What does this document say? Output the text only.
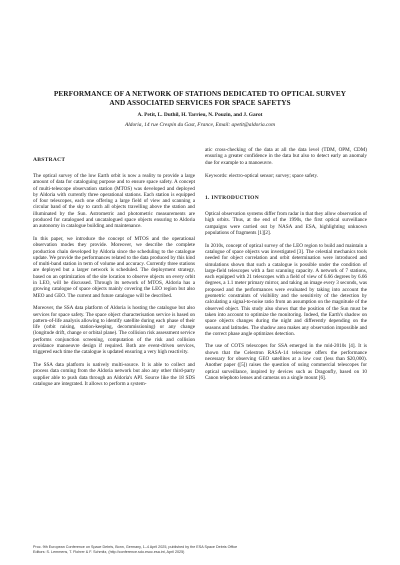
PERFORMANCE OF A NETWORK OF STATIONS DEDICATED TO OPTICAL SURVEY
AND ASSOCIATED SERVICES FOR SPACE SAFETYS
A. Petit, L. Duthil, H. Tarrieu, N. Pouzin, and J. Garot
Aldoria, 14 rue Crespin du Gast, France, Email: apetit@aldoria.com
ABSTRACT

The optical survey of the low Earth orbit is now a reality to provide a large amount of data for cataloguing purpose and to ensure space safety. A concept of multi-telescope observation station (MTOS) was developed and deployed by Aldoria with currently three operational stations. Each station is equipped of four telescopes, each one offering a large field of view and scanning a circular band of the sky to catch all objects travelling above the station and illuminated by the Sun. Astrometric and photometric measurements are produced for catalogued and uncatalogued space objects ensuring to Aldoria an autonomy in catalogue building and maintenance.

In this paper, we introduce the concept of MTOS and the operational observation modes they provide. Moreover, we describe the complete production chain developed by Aldoria since the scheduling to the catalogue update. We provide the performances related to the data produced by this kind of multi-band station in term of volume and accuracy. Currently three stations are deployed but a larger network is scheduled. The deployment strategy, based on an optimization of the site location to observe objects on every orbit in LEO, will be discussed. Through its network of MTOS, Aldoria has a growing catalogue of space objects mainly covering the LEO region but also MEO and GEO. The current and future catalogue will be described.

Moreover, the SSA data platform of Aldoria is hosting the catalogue but also services for space safety. The space object characterisation service is based on pattern-of-life analysis allowing to identify satellite during each phase of their life (orbit raising, station-keeping, decommissioning) or any change (longitude drift, change or orbital plane). The collision risk assessment service performs conjunction screening, computation of the risk and collision avoidance manoeuvre design if required. Both are event-driven services, triggered each time the catalogue is updated ensuring a very high reactivity.

The SSA data platform is natively multi-source. It is able to collect and process data coming from the Aldoria network but also any other third-party supplier able to push data through an Aldoria's API. Source like the 18 SDS catalogue are integrated. It allows to perform a system-

atic cross-checking of the data at all the data level (TDM, OPM, CDM) ensuring a greater confidence in the data but also to detect early an anomaly due for example to a manoeuvre.

Keywords: electro-optical sensor; survey; space safety.

1. INTRODUCTION

Optical observation systems differ from radar in that they allow observation of high orbits. Thus, at the end of the 1990s, the first optical surveillance campaigns were carried out by NASA and ESA, highlighting unknown populations of fragments [1][2].

In 2010s, concept of optical survey of the LEO region to build and maintain a catalogue of space objects was investigated [3]. The celestial mechanics tools needed for object correlation and orbit determination were introduced and simulations shown that such a catalogue is possible under the condition of large-field telescopes with a fast scanning capacity. A network of 7 stations, each equipped with 21 telescopes with a field of view of 6.66 degrees by 6.66 degrees, a 1.1 meter primary mirror, and taking an image every 3 seconds, was proposed and the performances were evaluated by taking into account the geometric constraints of visibility and the sensitivity of the detection by calculating a signal-to-noise ratio from an assumption on the magnitude of the observed object. This study also shows that the position of the Sun must be taken into account to optimize the monitoring. Indeed, the Earth's shadow on space objects changes during the night and differently depending on the seasons and latitudes. The shadow area makes any observation impossible and the correct phase angle optimizes detection.

The use of COTS telescopes for SSA emerged in the mid-2010s [4]. It is shown that the Celestron RASA-14 telescope offers the performance necessary for observing GEO satellites at a low cost (less than $20,000). Another paper ([5]) raises the question of using commercial telescopes for optical surveillance, inspired by devices such as Dragonfly, based on 10 Canon telephoto lenses and cameras on a single mount [6].

Proc. 9th European Conference on Space Debris, Bonn, Germany, 1–4 April 2025, published by the ESA Space Debris Office
Editors: S. Lemmens, T. Flohrer & F. Schmitz, (http://conference.sdo.esoc.esa.int, April 2025)
